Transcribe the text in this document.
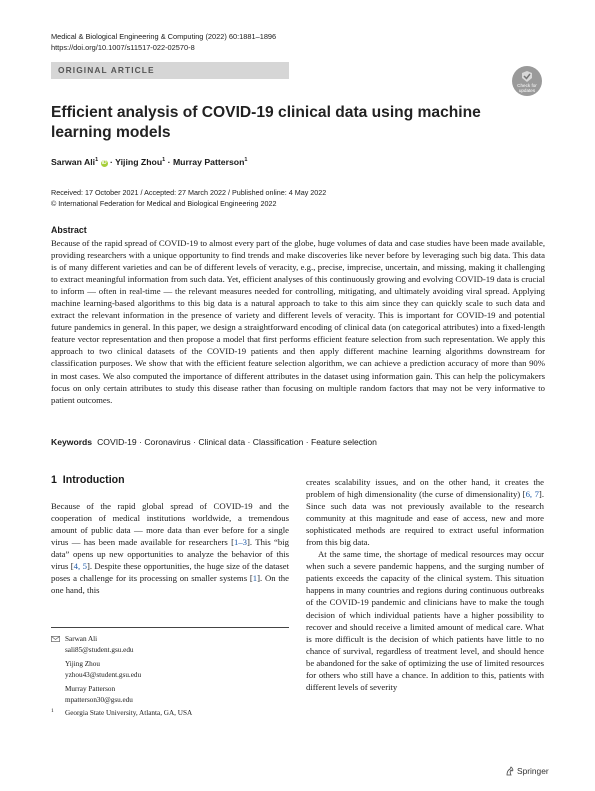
Medical & Biological Engineering & Computing (2022) 60:1881–1896
https://doi.org/10.1007/s11517-022-02570-8
ORIGINAL ARTICLE
Check for
updates
Efficient analysis of COVID-19 clinical data using machine learning models
Sarwan Ali$^1$ iD · Yijing Zhou$^1$ · Murray Patterson$^1$
Received: 17 October 2021 / Accepted: 27 March 2022 / Published online: 4 May 2022
© International Federation for Medical and Biological Engineering 2022
Abstract
Because of the rapid spread of COVID-19 to almost every part of the globe, huge volumes of data and case studies have been made available, providing researchers with a unique opportunity to find trends and make discoveries like never before by leveraging such big data. This data is of many different varieties and can be of different levels of veracity, e.g., precise, imprecise, uncertain, and missing, making it challenging to extract meaningful information from such data. Yet, efficient analyses of this continuously growing and evolving COVID-19 data is crucial to inform — often in real-time — the relevant measures needed for controlling, mitigating, and ultimately avoiding viral spread. Applying machine learning-based algorithms to this big data is a natural approach to take to this aim since they can quickly scale to such data and extract the relevant information in the presence of variety and different levels of veracity. This is important for COVID-19 and potential future pandemics in general. In this paper, we design a straightforward encoding of clinical data (on categorical attributes) into a fixed-length feature vector representation and then propose a model that first performs efficient feature selection from such representation. We apply this approach to two clinical datasets of the COVID-19 patients and then apply different machine learning algorithms downstream for classification purposes. We show that with the efficient feature selection algorithm, we can achieve a prediction accuracy of more than 90% in most cases. We also computed the importance of different attributes in the dataset using information gain. This can help the policymakers focus on only certain attributes to study this disease rather than focusing on multiple random factors that may not be very informative to patient outcomes.
Keywords COVID-19 · Coronavirus · Clinical data · Classification · Feature selection
1 Introduction

Because of the rapid global spread of COVID-19 and the cooperation of medical institutions worldwide, a tremendous amount of public data — more data than ever before for a single virus — has been made available for researchers [1–3]. This “big data” opens up new opportunities to analyze the behavior of this virus [4, 5]. Despite these opportunities, the huge size of the dataset poses a challenge for its processing on smaller systems [1]. On the one hand, this

creates scalability issues, and on the other hand, it creates the problem of high dimensionality (the curse of dimensionality) [6, 7]. Since such data was not previously available to the research community at this magnitude and ease of access, new and more sophisticated methods are required to extract useful information from this big data.

At the same time, the shortage of medical resources may occur when such a severe pandemic happens, and the surging number of patients exceeds the capacity of the clinical system. This situation happens in many countries and regions during continuous outbreaks of the COVID-19 pandemic and clinicians have to make the tough decision of which individual patients have a higher possibility to recover and should receive a limited amount of medical care. What is more difficult is the decision of which patients have little to no chance of survival, regardless of treatment level, and should hence be abandoned for the sake of optimizing the use of limited resources for others who still have a chance. In addition to this, patients with different levels of severity

Sarwan Ali
sali85@student.gsu.edu
Yijing Zhou
yzhou43@student.gsu.edu
Murray Patterson
mpatterson30@gsu.edu
1 Georgia State University, Atlanta, GA, USA
Springer
